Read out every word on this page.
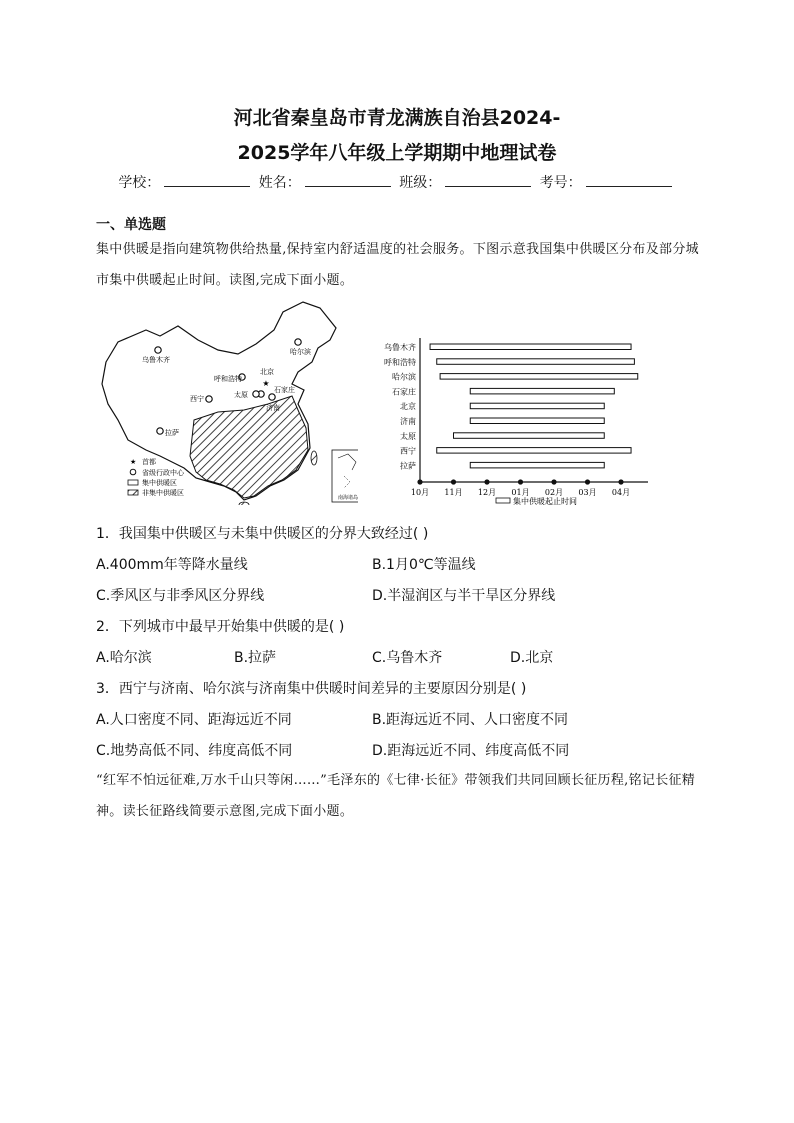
河北省秦皇岛市青龙满族自治县2024-
2025学年八年级上学期期中地理试卷
学校：	姓名：	班级：	考号：
一、单选题
集中供暖是指向建筑物供给热量,保持室内舒适温度的社会服务。下图示意我国集中供暖区分布及部分城市集中供暖起止时间。读图,完成下面小题。
★
乌鲁木齐
哈尔滨
呼和浩特
北京
石家庄
太原
西宁
济南
拉萨
★ 首都
省级行政中心
集中供暖区
非集中供暖区
南海诸岛
乌鲁木齐
呼和浩特
哈尔滨
石家庄
北京
济南
太原
西宁
拉萨
10月 11月 12月 01月 02月 03月 04月
集中供暖起止时间
1．我国集中供暖区与未集中供暖区的分界大致经过( )
A.400mm年等降水量线	B.1月0℃等温线
C.季风区与非季风区分界线	D.半湿润区与半干旱区分界线
2．下列城市中最早开始集中供暖的是( )
A.哈尔滨	B.拉萨	C.乌鲁木齐	D.北京
3．西宁与济南、哈尔滨与济南集中供暖时间差异的主要原因分别是( )
A.人口密度不同、距海远近不同	B.距海远近不同、人口密度不同
C.地势高低不同、纬度高低不同	D.距海远近不同、纬度高低不同
“红军不怕远征难,万水千山只等闲……”毛泽东的《七律·长征》带领我们共同回顾长征历程,铭记长征精神。读长征路线简要示意图,完成下面小题。
